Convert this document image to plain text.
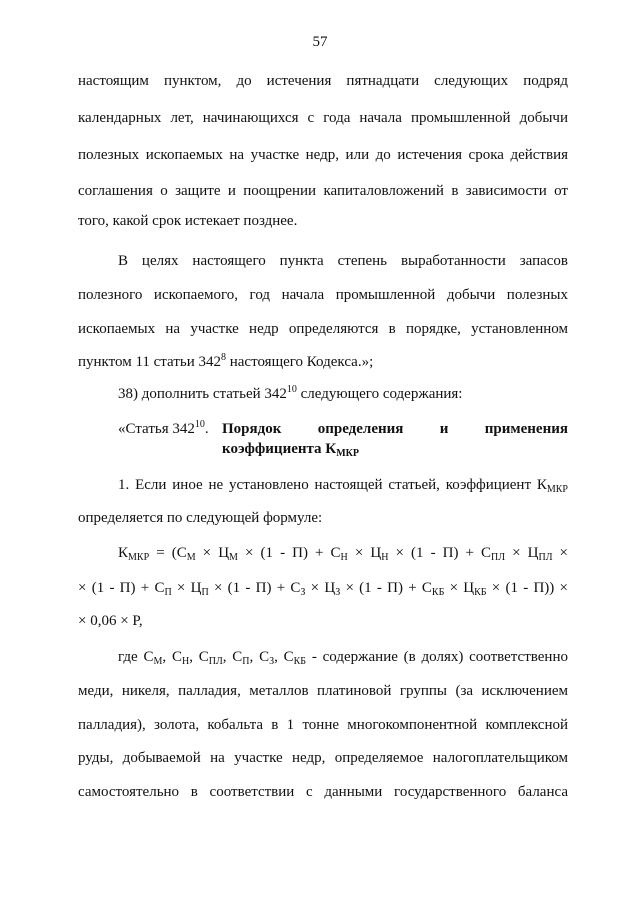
57
настоящим пунктом, до истечения пятнадцати следующих подряд
календарных лет, начинающихся с года начала промышленной добычи
полезных ископаемых на участке недр, или до истечения срока действия
соглашения о защите и поощрении капиталовложений в зависимости от
того, какой срок истекает позднее.
В целях настоящего пункта степень выработанности запасов
полезного ископаемого, год начала промышленной добычи полезных
ископаемых на участке недр определяются в порядке, установленном
пунктом 11 статьи $342^8$ настоящего Кодекса.»;
38) дополнить статьей $342^{10}$ следующего содержания:
«Статья $342^{10}$. Порядок определения и применения
коэффициента $К_{МКР}$
1. Если иное не установлено настоящей статьей, коэффициент $К_{МКР}$
определяется по следующей формуле:
$К_{МКР} = (С_М \times Ц_М \times (1 - П) + С_Н \times Ц_Н \times (1 - П) + С_{ПЛ} \times Ц_{ПЛ}$ ×
× $(1 - П) + С_П \times Ц_П \times (1 - П) + С_З \times Ц_З \times (1 - П) + С_{КБ} \times Ц_{КБ} \times (1 - П)$) ×
× 0,06 × Р,
где $С_М$, $С_Н$, $С_{ПЛ}$, $С_П$, $С_З$, $С_{КБ}$ - содержание (в долях) соответственно
меди, никеля, палладия, металлов платиновой группы (за исключением
палладия), золота, кобальта в 1 тонне многокомпонентной комплексной
руды, добываемой на участке недр, определяемое налогоплательщиком
самостоятельно в соответствии с данными государственного баланса
